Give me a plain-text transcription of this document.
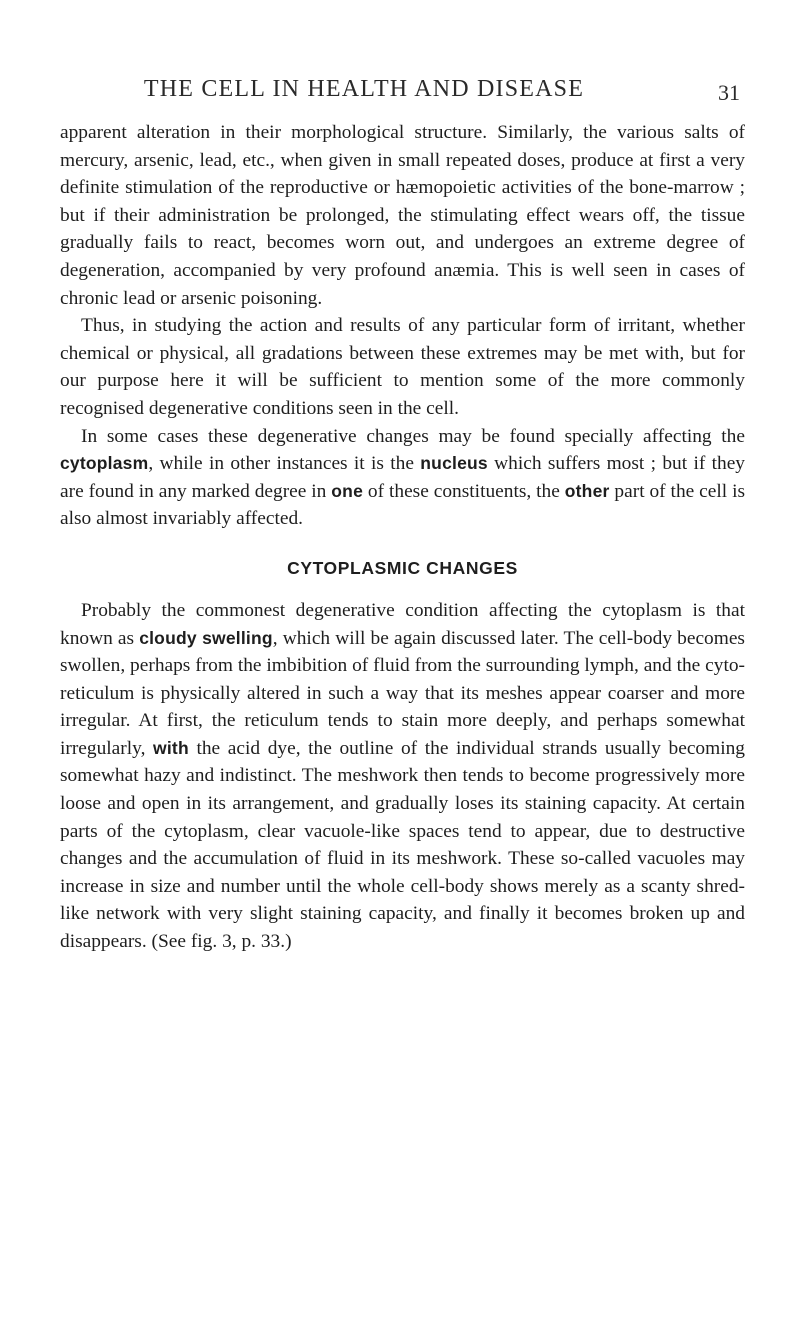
THE CELL IN HEALTH AND DISEASE	31

apparent alteration in their morphological structure. Similarly, the various salts of mercury, arsenic, lead, etc., when given in small repeated doses, produce at first a very definite stimulation of the reproductive or hæmopoietic activities of the bone-marrow ; but if their administration be prolonged, the stimulating effect wears off, the tissue gradually fails to react, becomes worn out, and undergoes an extreme degree of degeneration, accompanied by very profound anæmia. This is well seen in cases of chronic lead or arsenic poisoning.

Thus, in studying the action and results of any particular form of irritant, whether chemical or physical, all gradations between these extremes may be met with, but for our purpose here it will be sufficient to mention some of the more commonly recognised degenerative conditions seen in the cell.

In some cases these degenerative changes may be found specially affecting the cytoplasm, while in other instances it is the nucleus which suffers most ; but if they are found in any marked degree in one of these constituents, the other part of the cell is also almost invariably affected.

CYTOPLASMIC CHANGES

Probably the commonest degenerative condition affecting the cytoplasm is that known as cloudy swelling, which will be again discussed later. The cell-body becomes swollen, perhaps from the imbibition of fluid from the surrounding lymph, and the cyto-reticulum is physically altered in such a way that its meshes appear coarser and more irregular. At first, the reticulum tends to stain more deeply, and perhaps somewhat irregularly, with the acid dye, the outline of the individual strands usually becoming somewhat hazy and indistinct. The meshwork then tends to become progressively more loose and open in its arrangement, and gradually loses its staining capacity. At certain parts of the cytoplasm, clear vacuole-like spaces tend to appear, due to destructive changes and the accumulation of fluid in its meshwork. These so-called vacuoles may increase in size and number until the whole cell-body shows merely as a scanty shred-like network with very slight staining capacity, and finally it becomes broken up and disappears. (See fig. 3, p. 33.)
